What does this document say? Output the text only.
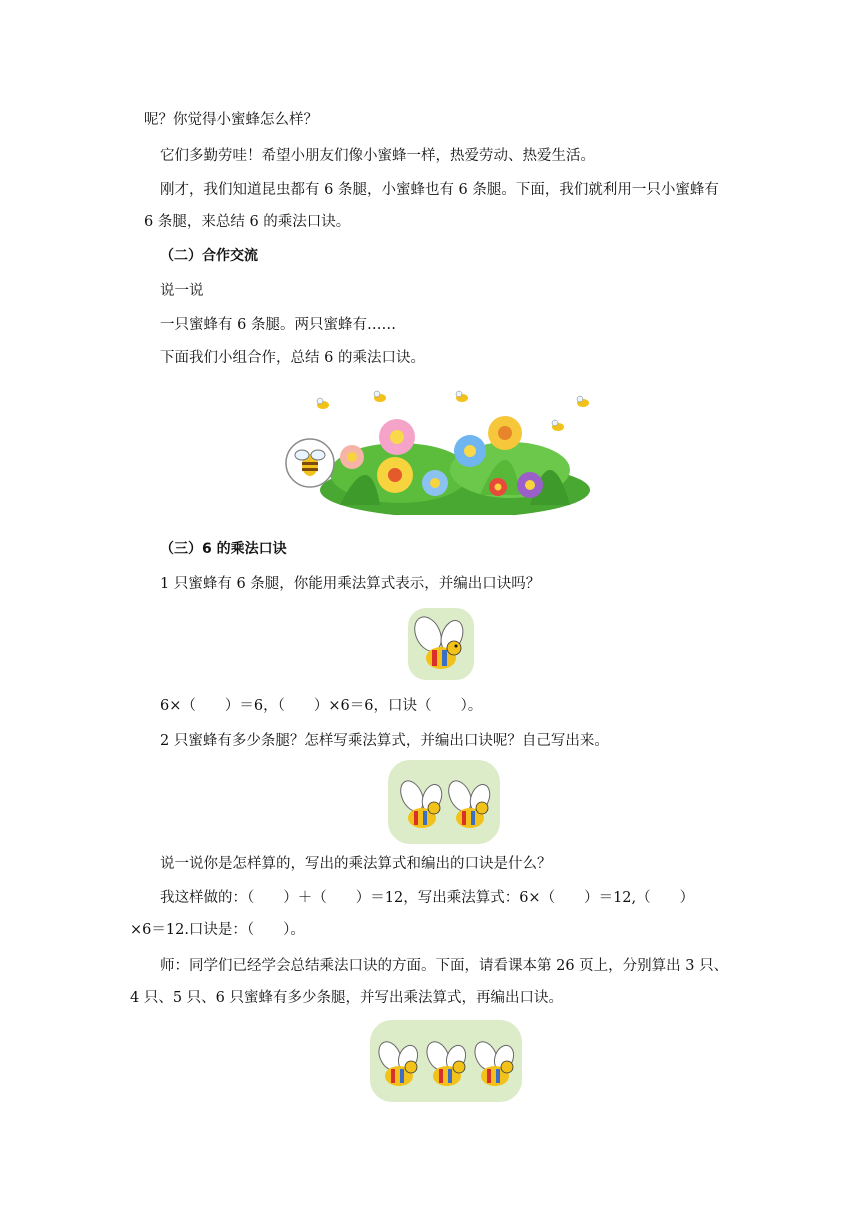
呢？你觉得小蜜蜂怎么样？
它们多勤劳哇！希望小朋友们像小蜜蜂一样，热爱劳动、热爱生活。
刚才，我们知道昆虫都有 6 条腿，小蜜蜂也有 6 条腿。下面，我们就利用一只小蜜蜂有
6 条腿，来总结 6 的乘法口诀。
（二）合作交流
说一说
一只蜜蜂有 6 条腿。两只蜜蜂有……
下面我们小组合作，总结 6 的乘法口诀。
（三）6 的乘法口诀
1 只蜜蜂有 6 条腿，你能用乘法算式表示，并编出口诀吗？
6×（　　）＝6，（　　）×6＝6，口诀（　　）。
2 只蜜蜂有多少条腿？怎样写乘法算式，并编出口诀呢？自己写出来。
说一说你是怎样算的，写出的乘法算式和编出的口诀是什么？
我这样做的：（　　）＋（　　）＝12，写出乘法算式：6×（　　）＝12,（　　）
×6＝12.口诀是：（　　）。
师：同学们已经学会总结乘法口诀的方面。下面，请看课本第 26 页上，分别算出 3 只、
4 只、5 只、6 只蜜蜂有多少条腿，并写出乘法算式，再编出口诀。
